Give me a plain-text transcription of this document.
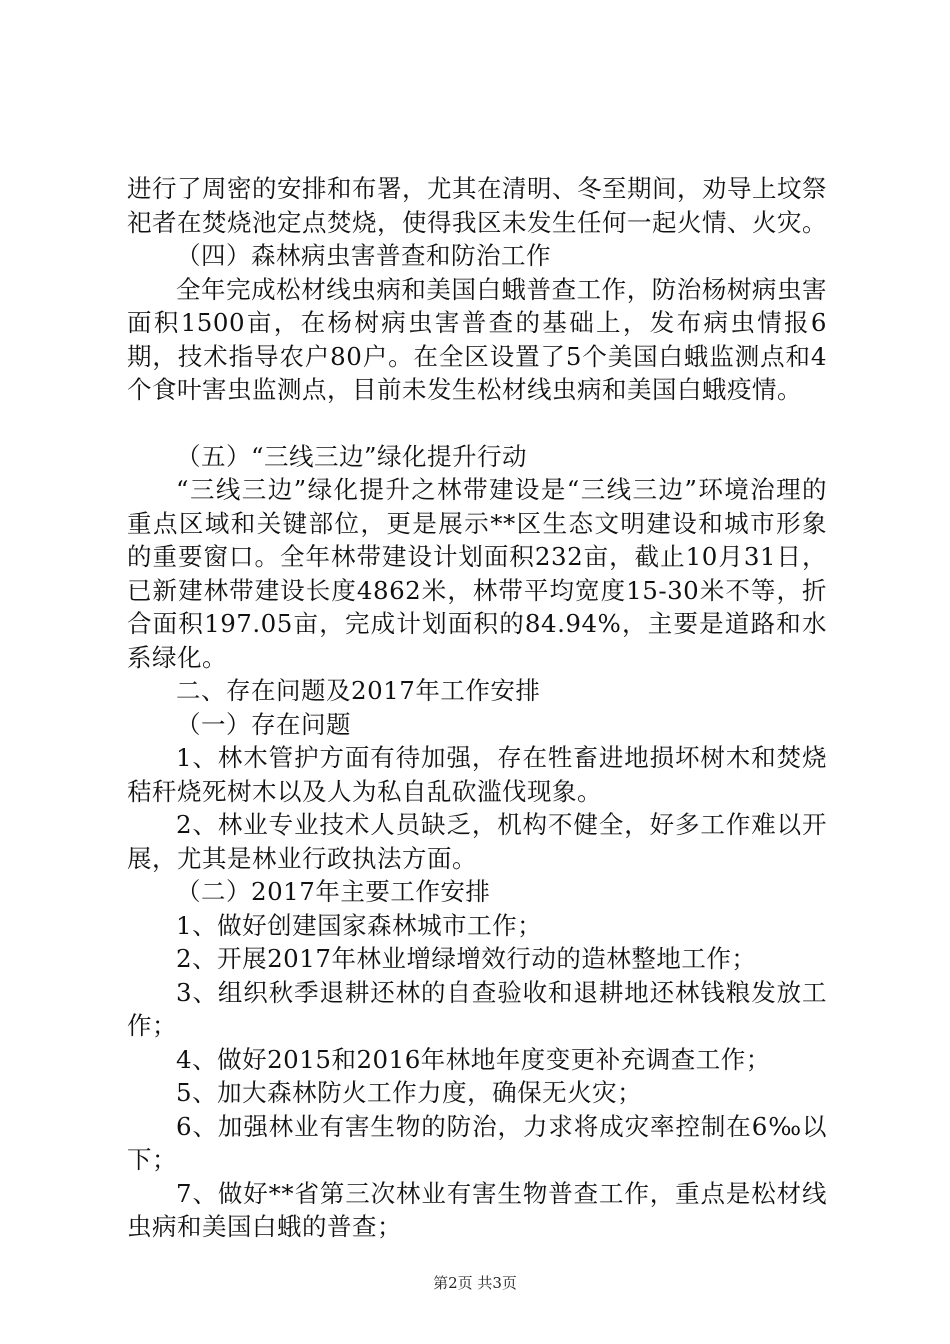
进行了周密的安排和布署，尤其在清明、冬至期间，劝导上坟祭祀者在焚烧池定点焚烧，使得我区未发生任何一起火情、火灾。

（四）森林病虫害普查和防治工作

全年完成松材线虫病和美国白蛾普查工作，防治杨树病虫害面积1500亩，在杨树病虫害普查的基础上，发布病虫情报6期，技术指导农户80户。在全区设置了5个美国白蛾监测点和4个食叶害虫监测点，目前未发生松材线虫病和美国白蛾疫情。

（五）“三线三边”绿化提升行动

“三线三边”绿化提升之林带建设是“三线三边”环境治理的重点区域和关键部位，更是展示**区生态文明建设和城市形象的重要窗口。全年林带建设计划面积232亩，截止10月31日，已新建林带建设长度4862米，林带平均宽度15-30米不等，折合面积197.05亩，完成计划面积的84.94%，主要是道路和水系绿化。

二、存在问题及2017年工作安排

（一）存在问题

1、林木管护方面有待加强，存在牲畜进地损坏树木和焚烧秸秆烧死树木以及人为私自乱砍滥伐现象。

2、林业专业技术人员缺乏，机构不健全，好多工作难以开展，尤其是林业行政执法方面。

（二）2017年主要工作安排

1、做好创建国家森林城市工作；

2、开展2017年林业增绿增效行动的造林整地工作；

3、组织秋季退耕还林的自查验收和退耕地还林钱粮发放工作；

4、做好2015和2016年林地年度变更补充调查工作；

5、加大森林防火工作力度，确保无火灾；

6、加强林业有害生物的防治，力求将成灾率控制在6‰以下；

7、做好**省第三次林业有害生物普查工作，重点是松材线虫病和美国白蛾的普查；

第2页 共3页
